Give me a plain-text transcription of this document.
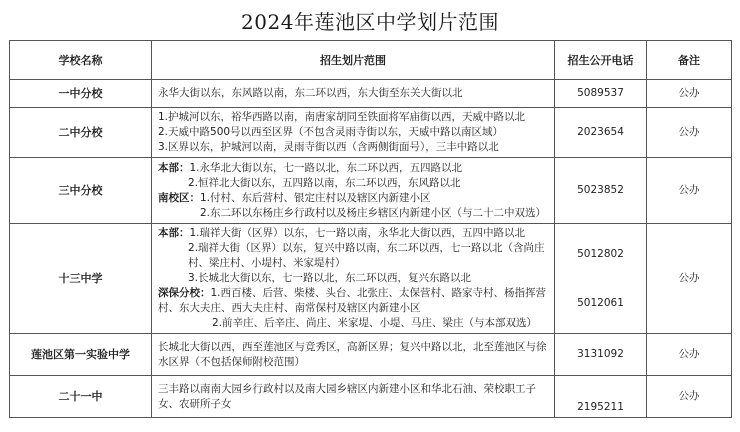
2024年莲池区中学划片范围
学校名称	招生划片范围	招生公开电话	备注
一中分校	永华大街以东，东风路以南，东二环以西，东大街至东关大街以北	5089537	公办
二中分校	1.护城河以东，裕华西路以南，南唐家胡同至铁面将军庙街以西，天威中路以北
2.天威中路500号以西至区界（不包含灵雨寺街以东，天威中路以南区域）
3.区界以东，护城河以南，灵雨寺街以西（含两侧街面号），三丰中路以北	2023654	公办
三中分校	本部：1.永华北大街以东，七一路以北，东二环以西，五四路以北
2.恒祥北大街以东，五四路以南，东二环以西，东风路以北
南校区：1.付村、东后营村、银定庄村以及辖区内新建小区
2.东二环以东杨庄乡行政村以及杨庄乡辖区内新建小区（与二十二中双选）	5023852	公办
十三中学	本部：1.瑞祥大街（区界）以东，七一路以南，永华北大街以西，五四中路以北
2.瑞祥大街（区界）以东，复兴中路以南，东二环以西，七一路以北（含尚庄村、梁庄村、小堤村、米家堤村）
3.长城北大街以东，七一路以北，东二环以西，复兴东路以北
深保分校：1.西百楼、后营、柴楼、头台、北张庄、太保营村、路家寺村、杨指挥营村、东大夫庄、西大夫庄村、南常保村及辖区内新建小区
2.前辛庄、后辛庄、尚庄、米家堤、小堤、马庄、梁庄（与本部双选）	5012802
5012061	公办
莲池区第一实验中学	长城北大街以西，西至莲池区与竞秀区，高新区界；复兴中路以北，北至莲池区与徐水区界（不包括保师附校范围）	3131092	公办
二十一中	三丰路以南南大园乡行政村以及南大园乡辖区内新建小区和华北石油、荣校职工子女、农研所子女	2195211	公办
